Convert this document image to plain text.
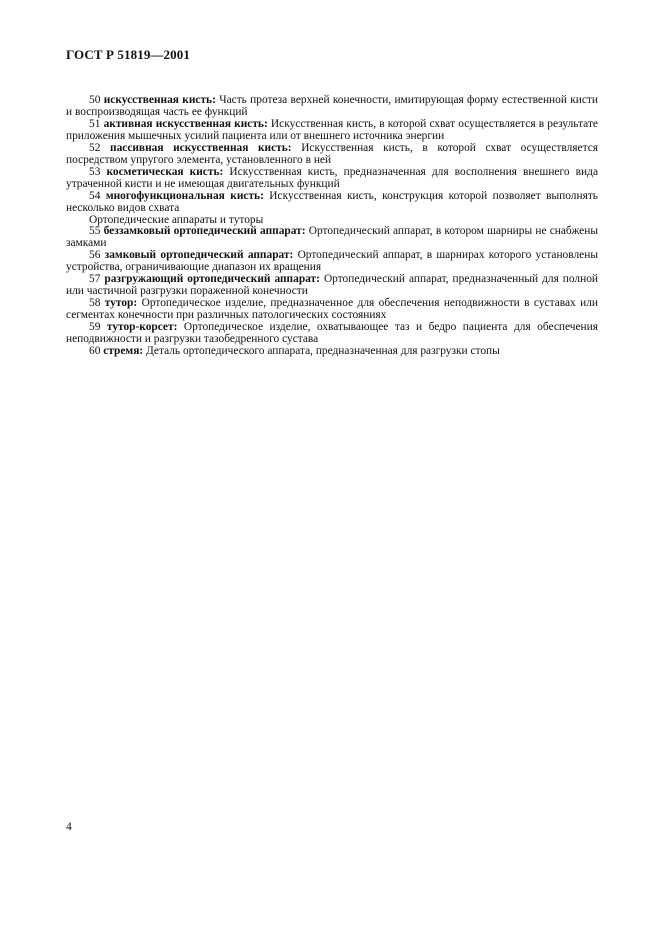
ГОСТ Р 51819—2001

50 искусственная кисть: Часть протеза верхней конечности, имитирующая форму естественной кисти и воспроизводящая часть ее функций

51 активная искусственная кисть: Искусственная кисть, в которой схват осуществляется в результате приложения мышечных усилий пациента или от внешнего источника энергии

52 пассивная искусственная кисть: Искусственная кисть, в которой схват осуществляется посредством упругого элемента, установленного в ней

53 косметическая кисть: Искусственная кисть, предназначенная для восполнения внешнего вида утраченной кисти и не имеющая двигательных функций

54 многофункциональная кисть: Искусственная кисть, конструкция которой позволяет выполнять несколько видов схвата

Ортопедические аппараты и туторы

55 беззамковый ортопедический аппарат: Ортопедический аппарат, в котором шарниры не снабжены замками

56 замковый ортопедический аппарат: Ортопедический аппарат, в шарнирах которого установлены устройства, ограничивающие диапазон их вращения

57 разгружающий ортопедический аппарат: Ортопедический аппарат, предназначенный для полной или частичной разгрузки пораженной конечности

58 тутор: Ортопедическое изделие, предназначенное для обеспечения неподвижности в суставах или сегментах конечности при различных патологических состояниях

59 тутор-корсет: Ортопедическое изделие, охватывающее таз и бедро пациента для обеспечения неподвижности и разгрузки тазобедренного сустава

60 стремя: Деталь ортопедического аппарата, предназначенная для разгрузки стопы

4
